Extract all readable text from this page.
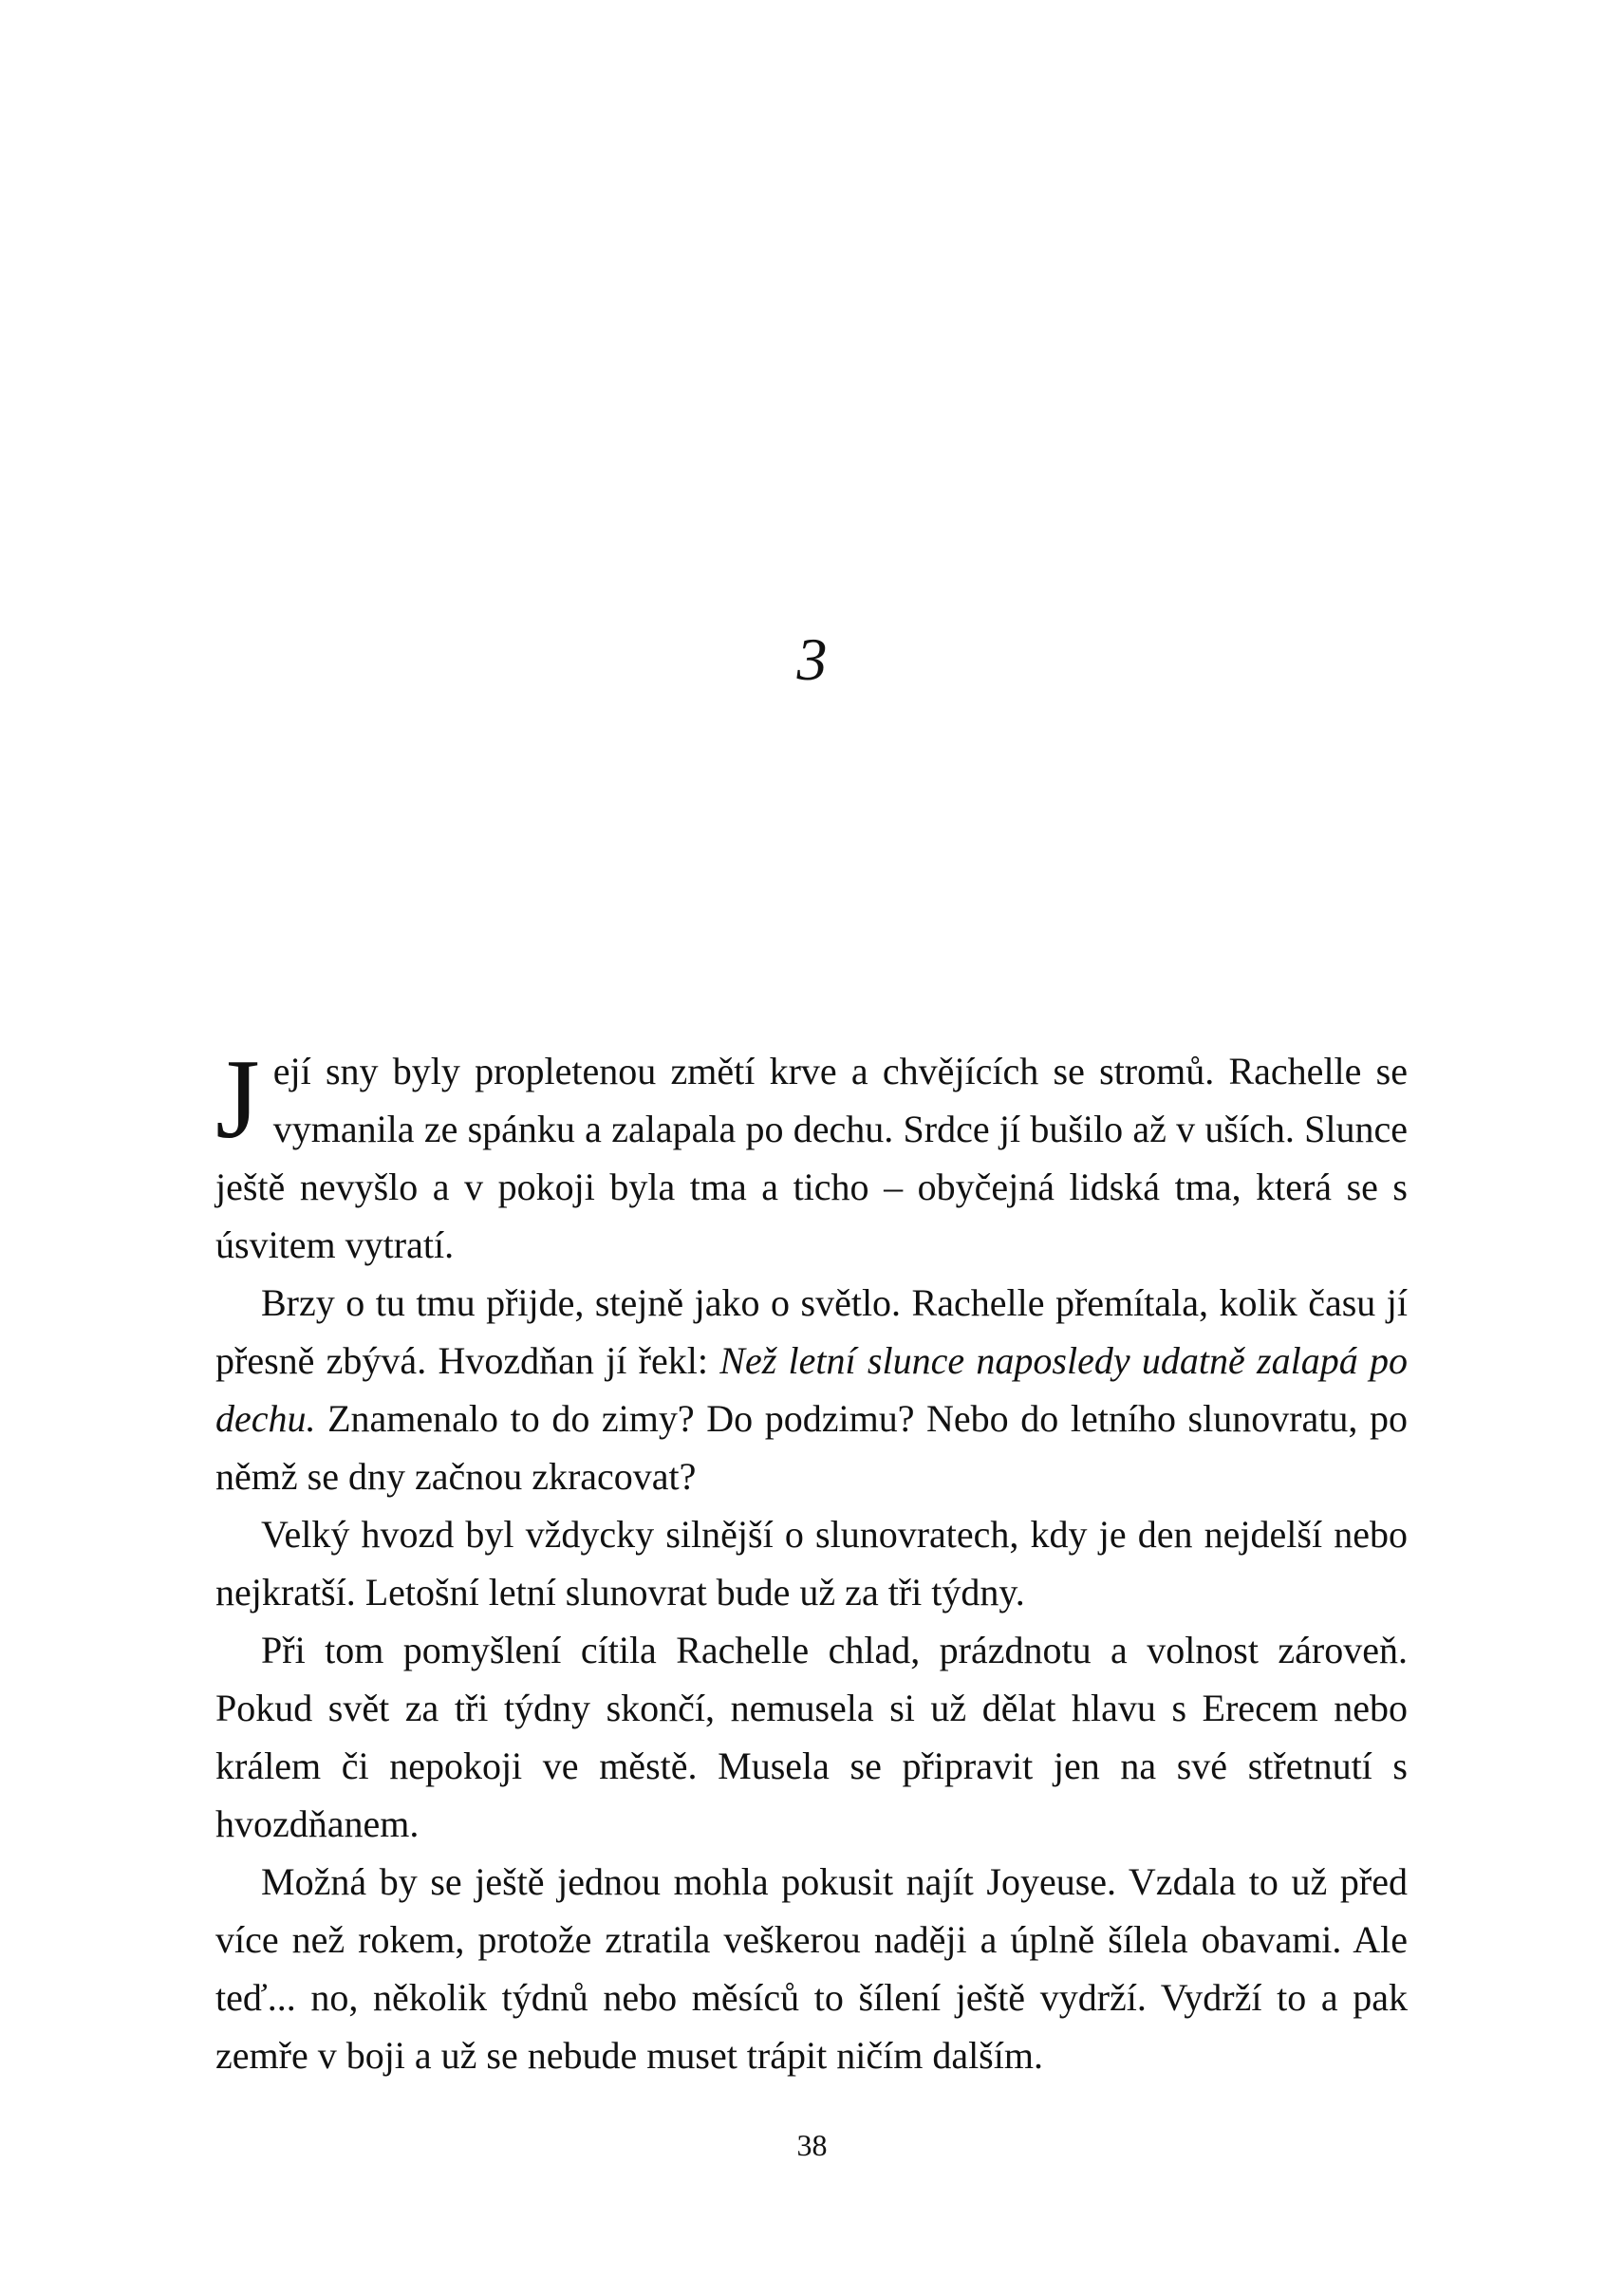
3

Její sny byly propletenou změtí krve a chvějících se stromů. Rachelle se vymanila ze spánku a zalapala po dechu. Srdce jí bušilo až v uších. Slunce ještě nevyšlo a v pokoji byla tma a ticho – obyčejná lidská tma, která se s úsvitem vytratí.

Brzy o tu tmu přijde, stejně jako o světlo. Rachelle přemítala, kolik času jí přesně zbývá. Hvozdňan jí řekl: Než letní slunce naposledy udatně zalapá po dechu. Znamenalo to do zimy? Do podzimu? Nebo do letního slunovratu, po němž se dny začnou zkracovat?

Velký hvozd byl vždycky silnější o slunovratech, kdy je den nejdelší nebo nejkratší. Letošní letní slunovrat bude už za tři týdny.

Při tom pomyšlení cítila Rachelle chlad, prázdnotu a volnost zároveň. Pokud svět za tři týdny skončí, nemusela si už dělat hlavu s Erecem nebo králem či nepokoji ve městě. Musela se připravit jen na své střetnutí s hvozdňanem.

Možná by se ještě jednou mohla pokusit najít Joyeuse. Vzdala to už před více než rokem, protože ztratila veškerou naději a úplně šílela obavami. Ale teď... no, několik týdnů nebo měsíců to šílení ještě vydrží. Vydrží to a pak zemře v boji a už se nebude muset trápit ničím dalším.

38
